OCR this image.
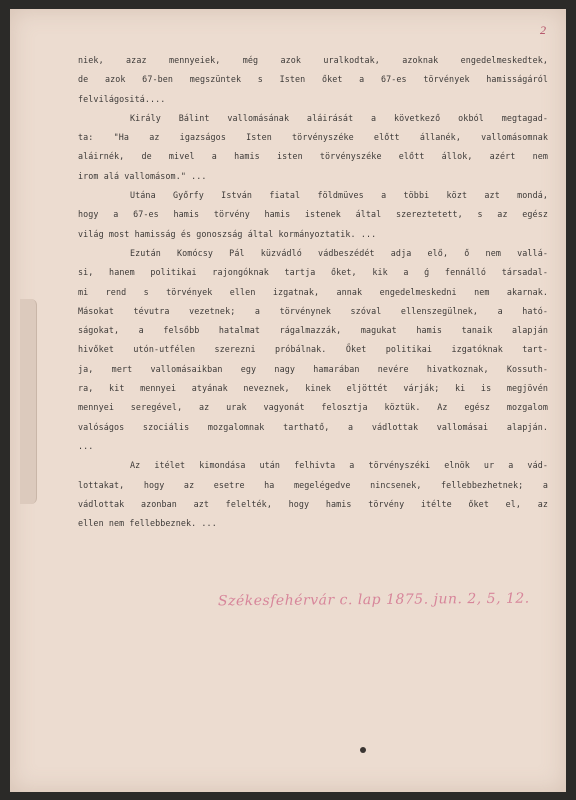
2
niek, azaz mennyeiek, még azok uralkodtak, azoknak engedelmeskedtek,
de azok 67-ben megszüntek s Isten őket a 67-es törvények hamisságáról
felvilágositá....
Király Bálint vallomásának aláirását a következő okból megtagad-
ta: "Ha az igazságos Isten törvényszéke előtt állanék, vallomásomnak
aláirnék, de mivel a hamis isten törvényszéke előtt állok, azért nem
irom alá vallomásom." ...
Utána Győrfy István fiatal földmüves a többi közt azt mondá,
hogy a 67-es hamis törvény hamis istenek által szereztetett, s az egész
világ most hamisság és gonoszság által kormányoztatik. ...
Ezután Komócsy Pál küzvádló vádbeszédét adja elő, ő nem vallá-
si, hanem politikai rajongóknak tartja őket, kik a ǵ fennálló társadal-
mi rend s törvények ellen izgatnak, annak engedelmeskedni nem akarnak.
Másokat tévutra vezetnek; a törvénynek szóval ellenszegülnek, a ható-
ságokat, a felsőbb hatalmat rágalmazzák, magukat hamis tanaik alapján
hivőket utón-utfélen szerezni próbálnak. Őket politikai izgatóknak tart-
ja, mert vallomásaikban egy nagy hamarában nevére hivatkoznak, Kossuth-
ra, kit mennyei atyának neveznek, kinek eljöttét várják; ki is megjövén
mennyei seregével, az urak vagyonát felosztja köztük. Az egész mozgalom
valóságos szociális mozgalomnak tarthatő, a vádlottak vallomásai alapján.
...
Az itélet kimondása után felhivta a törvényszéki elnök ur a vád-
lottakat, hogy az esetre ha megelégedve nincsenek, fellebbezhetnek; a
vádlottak azonban azt felelték, hogy hamis törvény itélte őket el, az
ellen nem fellebbeznek. ...
Székesfehérvár c. lap 1875. jun. 2, 5, 12.
